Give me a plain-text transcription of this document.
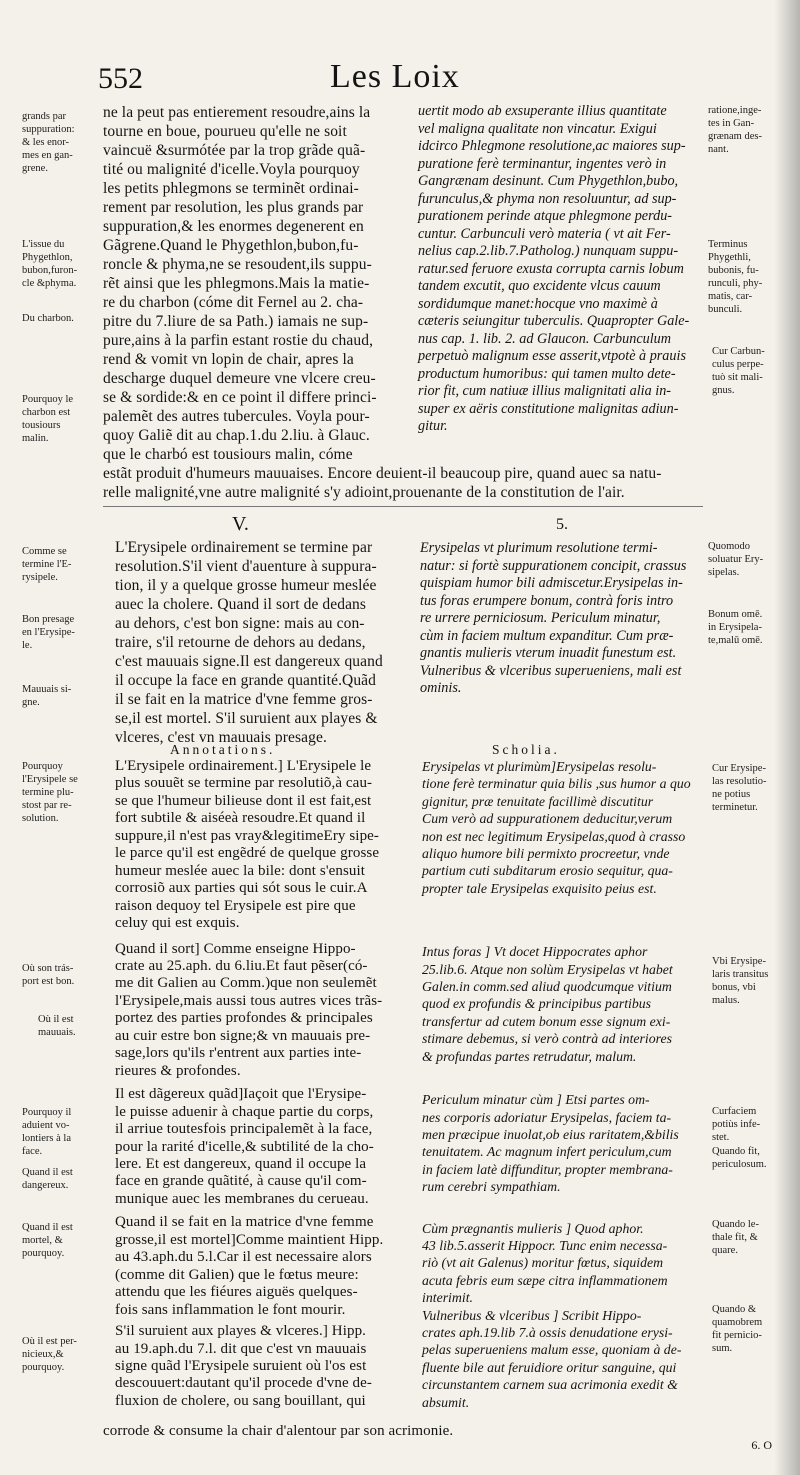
552	Les Loix
grands par
suppuration:
& les enor-
mes en gan-
grene.
L'issue du
Phygethlon,
bubon,furon-
cle &phyma.
Du charbon.
Pourquoy le
charbon est
tousiours
malin.
Comme se
termine l'E-
rysipele.
Bon presage
en l'Erysipe-
le.
Mauuais si-
gne.
Pourquoy
l'Erysipele se
termine plu-
stost par re-
solution.
Où son trás-
port est bon.
Où il est
mauuais.
Pourquoy il
aduient vo-
lontiers à la
face.
Quand il est
dangereux.
Quand il est
mortel, &
pourquoy.
Où il est per-
nicieux,&
pourquoy.
ratione,inge-
tes in Gan-
grænam des-
nant.
Terminus
Phygethli,
bubonis, fu-
runculi, phy-
matis, car-
bunculi.
Cur Carbun-
culus perpe-
tuò sit mali-
gnus.
Quomodo
soluatur Ery-
sipelas.
Bonum omē.
in Erysipela-
te,malū omē.
Cur Erysipe-
las resolutio-
ne potius
terminetur.
Vbi Erysipe-
laris transitus
bonus, vbi
malus.
Curfaciem
potiùs infe-
stet.
Quando fit,
periculosum.
Quando le-
thale fit, &
quare.
Quando &
quamobrem
fit pernicio-
sum.
ne la peut pas entierement resoudre,ains la
tourne en boue, pourueu qu'elle ne soit
vaincuë &surmótée par la trop grãde quã-
tité ou malignité d'icelle.Voyla pourquoy
les petits phlegmons se terminẽt ordinai-
rement par resolution, les plus grands par
suppuration,& les enormes degenerent en
Gãgrene.Quand le Phygethlon,bubon,fu-
roncle & phyma,ne se resoudent,ils suppu-
rẽt ainsi que les phlegmons.Mais la matie-
re du charbon (cóme dit Fernel au 2. cha-
pitre du 7.liure de sa Path.) iamais ne sup-
pure,ains à la parfin estant rostie du chaud,
rend & vomit vn lopin de chair, apres la
descharge duquel demeure vne vlcere creu-
se & sordide:& en ce point il differe princi-
palemẽt des autres tubercules. Voyla pour-
quoy Galiẽ dit au chap.1.du 2.liu. à Glauc.
que le charbó est tousiours malin, cóme
estãt produit d'humeurs mauuaises. Encore deuient-il beaucoup pire, quand auec sa natu-
relle malignité,vne autre malignité s'y adioint,prouenante de la constitution de l'air.
uertit modo ab exsuperante illius quantitate
vel maligna qualitate non vincatur. Exigui
idcirco Phlegmone resolutione,ac maiores sup-
puratione ferè terminantur, ingentes verò in
Gangrænam desinunt. Cum Phygethlon,bubo,
furunculus,& phyma non resoluuntur, ad sup-
purationem perinde atque phlegmone perdu-
cuntur. Carbunculi verò materia ( vt ait Fer-
nelius cap.2.lib.7.Patholog.) nunquam suppu-
ratur.sed feruore exusta corrupta carnis lobum
tandem excutit, quo excidente vlcus cauum
sordidumque manet:hocque vno maximè à
cæteris seiungitur tuberculis. Quapropter Gale-
nus cap. 1. lib. 2. ad Glaucon. Carbunculum
perpetuò malignum esse asserit,vtpotè à prauis
productum humoribus: qui tamen multo dete-
rior fit, cum natiuæ illius malignitati alia in-
super ex aëris constitutione malignitas adiun-
gitur.
V.	5.
L'Erysipele ordinairement se termine par
resolution.S'il vient d'auenture à suppura-
tion, il y a quelque grosse humeur meslée
auec la cholere. Quand il sort de dedans
au dehors, c'est bon signe: mais au con-
traire, s'il retourne de dehors au dedans,
c'est mauuais signe.Il est dangereux quand
il occupe la face en grande quantité.Quãd
il se fait en la matrice d'vne femme gros-
se,il est mortel. S'il suruient aux playes &
vlceres, c'est vn mauuais presage.
Erysipelas vt plurimum resolutione termi-
natur: si fortè suppurationem concipit, crassus
quispiam humor bili admiscetur.Erysipelas in-
tus foras erumpere bonum, contrà foris intro
re urrere perniciosum. Periculum minatur,
cùm in faciem multum expanditur. Cum præ-
gnantis mulieris vterum inuadit funestum est.
Vulneribus & vlceribus superueniens, mali est
ominis.
Annotations.	Scholia.
L'Erysipele ordinairement.] L'Erysipele le
plus souuẽt se termine par resolutiõ,à cau-
se que l'humeur bilieuse dont il est fait,est
fort subtile & aiséeà resoudre.Et quand il
suppure,il n'est pas vray&legitimeEry sipe-
le parce qu'il est engẽdré de quelque grosse
humeur meslée auec la bile: dont s'ensuit
corrosiõ aux parties qui sót sous le cuir.A
raison dequoy tel Erysipele est pire que
celuy qui est exquis.
Quand il sort] Comme enseigne Hippo-
crate au 25.aph. du 6.liu.Et faut pẽser(có-
me dit Galien au Comm.)que non seulemẽt
l'Erysipele,mais aussi tous autres vices trãs-
portez des parties profondes & principales
au cuir estre bon signe;& vn mauuais pre-
sage,lors qu'ils r'entrent aux parties inte-
rieures & profondes.
Il est dãgereux quãd]Iaçoit que l'Erysipe-
le puisse aduenir à chaque partie du corps,
il arriue toutesfois principalemẽt à la face,
pour la rarité d'icelle,& subtilité de la cho-
lere. Et est dangereux, quand il occupe la
face en grande quãtité, à cause qu'il com-
munique auec les membranes du cerueau.
Quand il se fait en la matrice d'vne femme
grosse,il est mortel]Comme maintient Hipp.
au 43.aph.du 5.l.Car il est necessaire alors
(comme dit Galien) que le fœtus meure:
attendu que les fiéures aiguës quelques-
fois sans inflammation le font mourir.
S'il suruient aux playes & vlceres.] Hipp.
au 19.aph.du 7.l. dit que c'est vn mauuais
signe quãd l'Erysipele suruient où l'os est
descouuert:dautant qu'il procede d'vne de-
fluxion de cholere, ou sang bouillant, qui
corrode & consume la chair d'alentour par son acrimonie.
Erysipelas vt plurimùm]Erysipelas resolu-
tione ferè terminatur quia bilis ,sus humor a quo
gignitur, præ tenuitate facillimè discutitur
Cum verò ad suppurationem deducitur,verum
non est nec legitimum Erysipelas,quod à crasso
aliquo humore bili permixto procreetur, vnde
partium cuti subditarum erosio sequitur, qua-
propter tale Erysipelas exquisito peius est.
Intus foras ] Vt docet Hippocrates aphor
25.lib.6. Atque non solùm Erysipelas vt habet
Galen.in comm.sed aliud quodcumque vitium
quod ex profundis & principibus partibus
transfertur ad cutem bonum esse signum exi-
stimare debemus, si verò contrà ad interiores
& profundas partes retrudatur, malum.
Periculum minatur cùm ] Etsi partes om-
nes corporis adoriatur Erysipelas, faciem ta-
men præcipue inuolat,ob eius raritatem,&bilis
tenuitatem. Ac magnum infert periculum,cum
in faciem latè diffunditur, propter membrana-
rum cerebri sympathiam.
Cùm prægnantis mulieris ] Quod aphor.
43 lib.5.asserit Hippocr. Tunc enim necessa-
riò (vt ait Galenus) moritur fœtus, siquidem
acuta febris eum sæpe citra inflammationem
interimit.
Vulneribus & vlceribus ] Scribit Hippo-
crates aph.19.lib 7.à ossis denudatione erysi-
pelas superueniens malum esse, quoniam à de-
fluente bile aut feruidiore oritur sanguine, qui
circunstantem carnem sua acrimonia exedit &
absumit.
6. O
